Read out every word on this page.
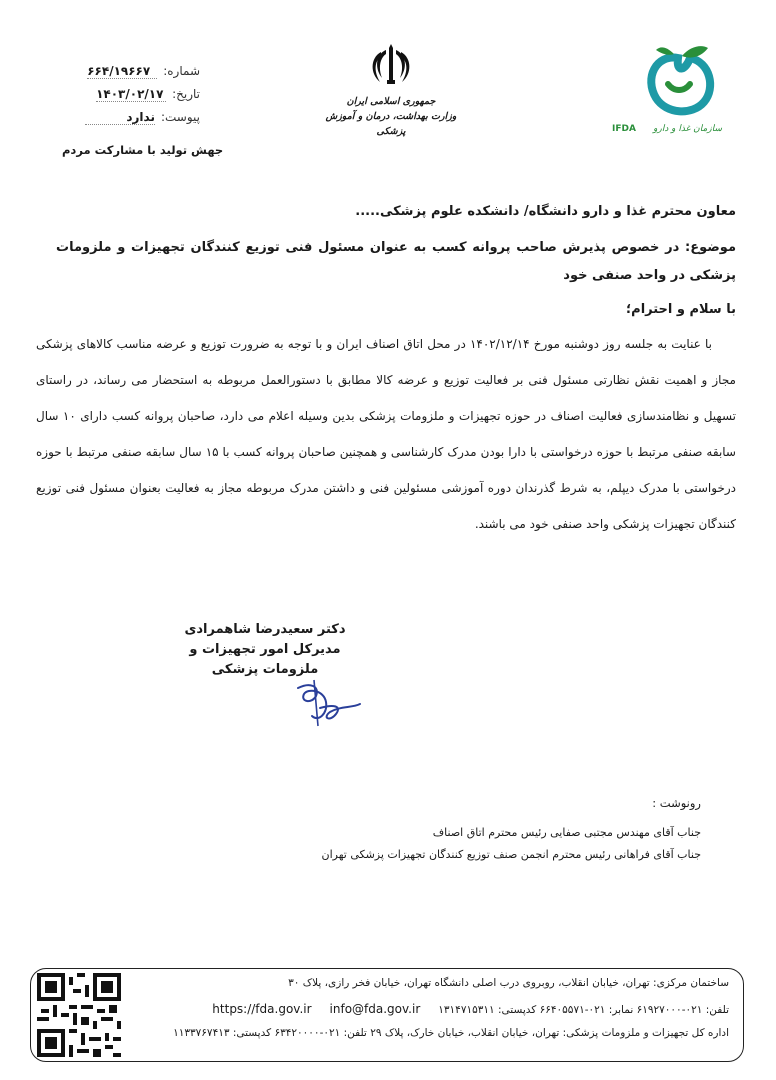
شماره:
۶۶۴/۱۹۶۶۷
تاریخ:
۱۴۰۳/۰۲/۱۷
پیوست:
ندارد
جهش تولید با مشارکت مردم
جمهوری اسلامی ایران
وزارت بهداشت، درمان و آموزش پزشکی	سازمان غذا و دارو
IFDA
معاون محترم غذا و دارو دانشگاه/ دانشکده علوم پزشکی.....
موضوع: در خصوص پذیرش صاحب پروانه کسب به عنوان مسئول فنی توزیع کنندگان تجهیزات و ملزومات پزشکی در واحد صنفی خود
با سلام و احترام؛
با عنایت به جلسه روز دوشنبه مورخ ۱۴۰۲/۱۲/۱۴ در محل اتاق اصناف ایران و با توجه به ضرورت توزیع و عرضه مناسب کالاهای پزشکی مجاز و اهمیت نقش نظارتی مسئول فنی بر فعالیت توزیع و عرضه کالا مطابق با دستورالعمل مربوطه به استحضار می رساند، در راستای تسهیل و نظامندسازی فعالیت اصناف در حوزه تجهیزات و ملزومات پزشکی بدین وسیله اعلام می دارد، صاحبان پروانه کسب دارای ۱۰ سال سابقه صنفی مرتبط با حوزه درخواستی با دارا بودن مدرک کارشناسی و همچنین صاحبان پروانه کسب با ۱۵ سال سابقه صنفی مرتبط با حوزه درخواستی با مدرک دیپلم، به شرط گذرندان دوره آموزشی مسئولین فنی و داشتن مدرک مربوطه مجاز به فعالیت بعنوان مسئول فنی توزیع کنندگان تجهیزات پزشکی واحد صنفی خود می باشند.
دکتر سعیدرضا شاهمرادی
مدیرکل امور تجهیزات و ملزومات پزشکی
رونوشت :
جناب آقای مهندس مجتبی صفایی رئیس محترم اتاق اصناف
جناب آقای فراهانی رئیس محترم انجمن صنف توزیع کنندگان تجهیزات پزشکی تهران
ساختمان مرکزی: تهران، خیابان انقلاب، روبروی درب اصلی دانشگاه تهران، خیابان فخر رازی، پلاک ۳۰
تلفن: ۰۲۱-۶۱۹۲۷۰۰۰ نمابر: ۰۲۱-۶۶۴۰۵۵۷۱ کدپستی: ۱۳۱۴۷۱۵۳۱۱
info@fda.gov.ir
https://fda.gov.ir
اداره کل تجهیزات و ملزومات پزشکی: تهران، خیابان انقلاب، خیابان خارک، پلاک ۲۹ تلفن: ۰۲۱-۶۳۴۲۰۰۰۰ کدپستی: ۱۱۳۳۷۶۷۴۱۳
